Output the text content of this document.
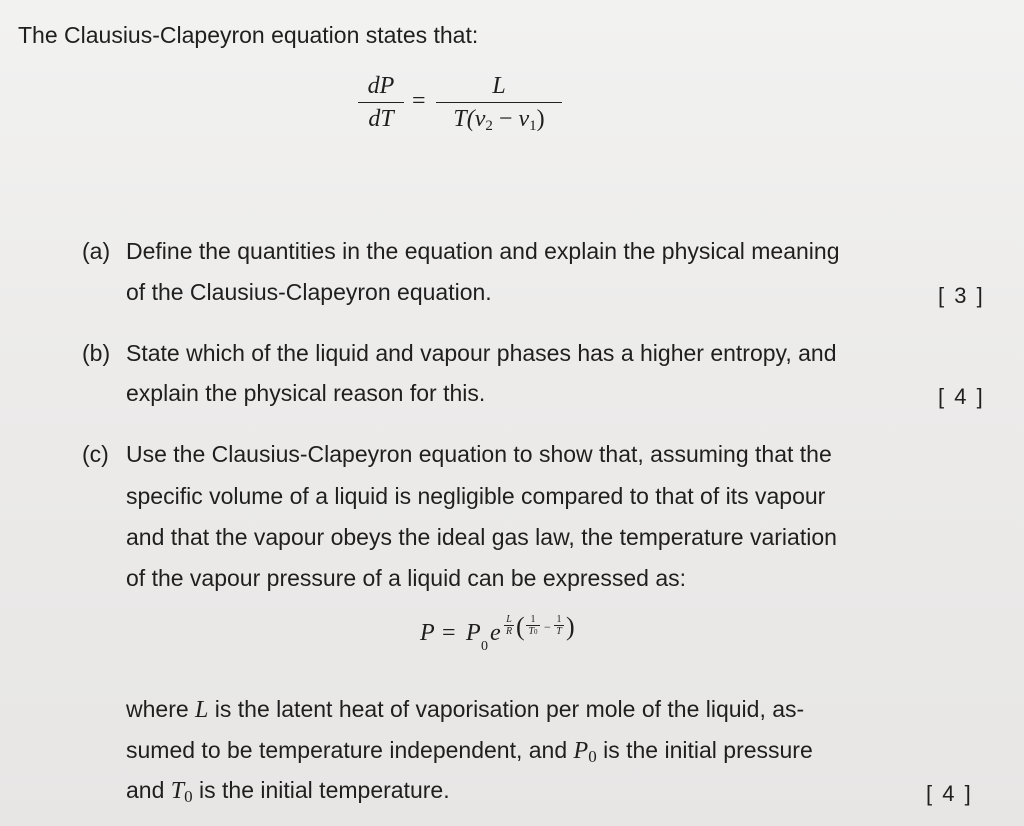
The Clausius-Clapeyron equation states that:
dP
dT
=
L
$T(v_2 - v_1)$
(a) Define the quantities in the equation and explain the physical meaning
of the Clausius-Clapeyron equation.	[ 3 ]
(b) State which of the liquid and vapour phases has a higher entropy, and
explain the physical reason for this.	[ 4 ]
(c) Use the Clausius-Clapeyron equation to show that, assuming that the
specific volume of a liquid is negligible compared to that of its vapour
and that the vapour obeys the ideal gas law, the temperature variation
of the vapour pressure of a liquid can be expressed as:
P = P
0
e
L
R ( 1
T0 −
1
T )
where L is the latent heat of vaporisation per mole of the liquid, as-
sumed to be temperature independent, and $P_0$ is the initial pressure
and $T_0$ is the initial temperature.	[ 4 ]
